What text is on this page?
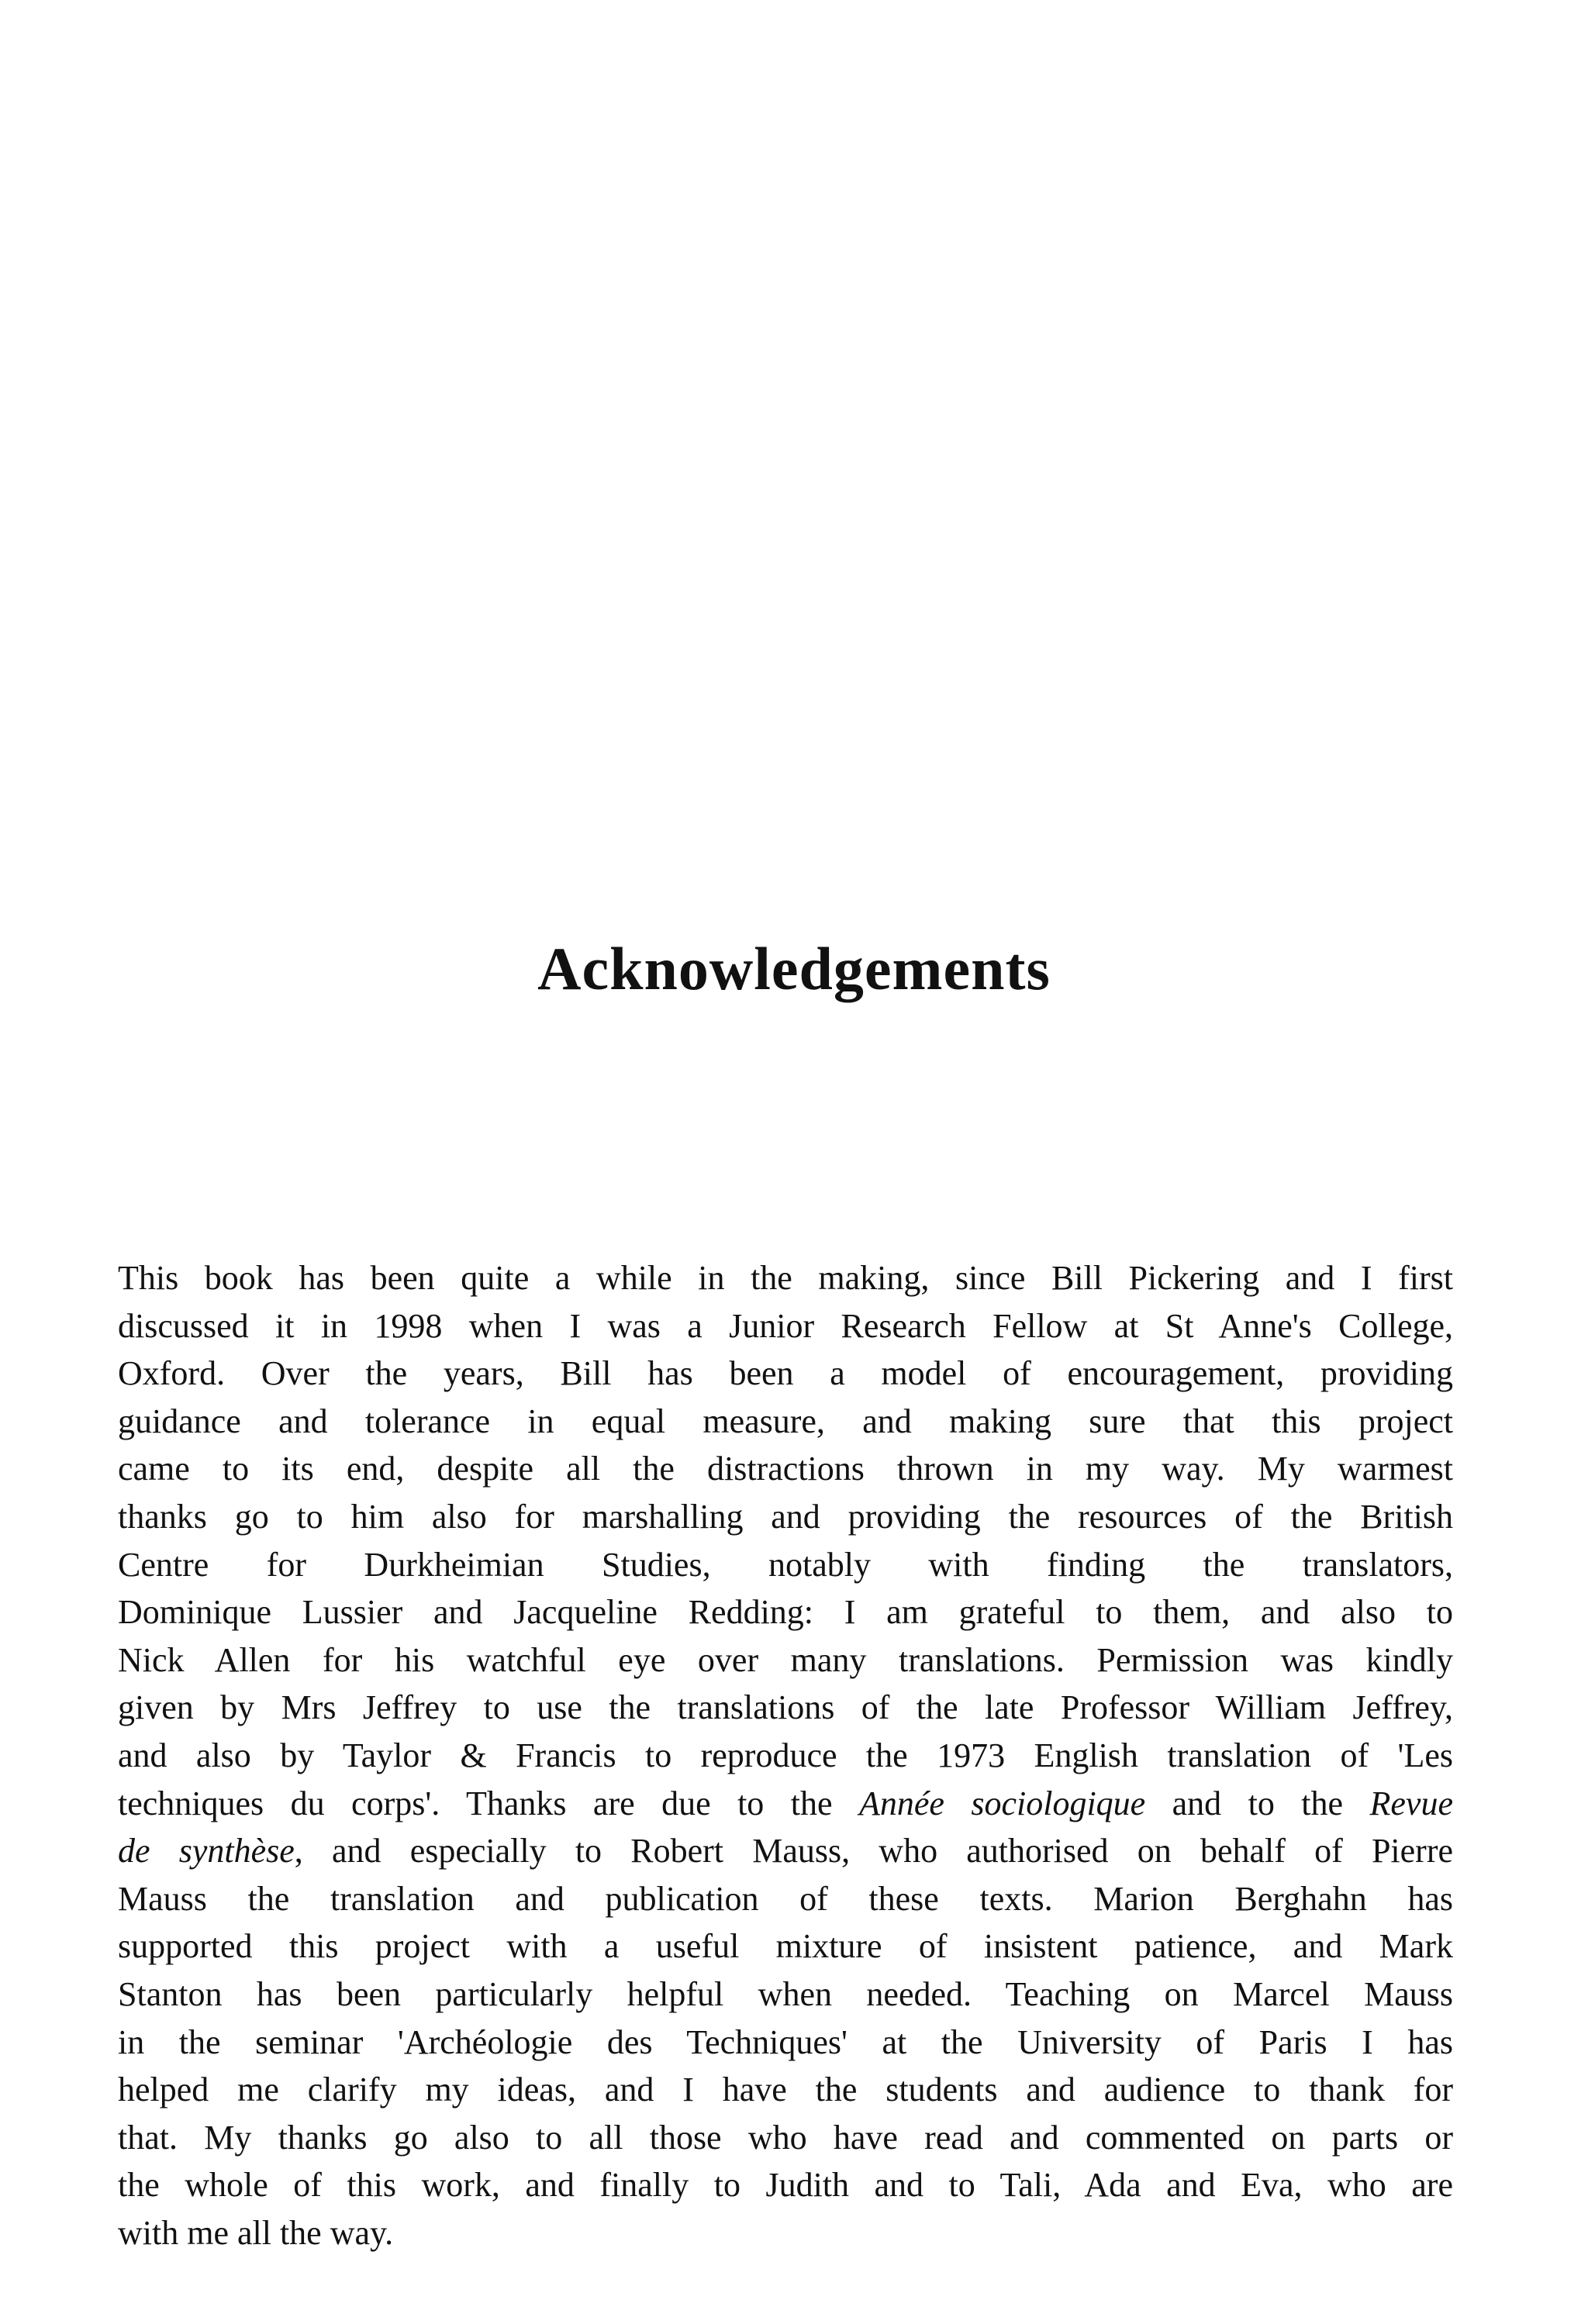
Acknowledgements

This book has been quite a while in the making, since Bill Pickering and I first
discussed it in 1998 when I was a Junior Research Fellow at St Anne's College,
Oxford. Over the years, Bill has been a model of encouragement, providing
guidance and tolerance in equal measure, and making sure that this project
came to its end, despite all the distractions thrown in my way. My warmest
thanks go to him also for marshalling and providing the resources of the British
Centre for Durkheimian Studies, notably with finding the translators,
Dominique Lussier and Jacqueline Redding: I am grateful to them, and also to
Nick Allen for his watchful eye over many translations. Permission was kindly
given by Mrs Jeffrey to use the translations of the late Professor William Jeffrey,
and also by Taylor & Francis to reproduce the 1973 English translation of 'Les
techniques du corps'. Thanks are due to the Année sociologique and to the Revue
de synthèse, and especially to Robert Mauss, who authorised on behalf of Pierre
Mauss the translation and publication of these texts. Marion Berghahn has
supported this project with a useful mixture of insistent patience, and Mark
Stanton has been particularly helpful when needed. Teaching on Marcel Mauss
in the seminar 'Archéologie des Techniques' at the University of Paris I has
helped me clarify my ideas, and I have the students and audience to thank for
that. My thanks go also to all those who have read and commented on parts or
the whole of this work, and finally to Judith and to Tali, Ada and Eva, who are
with me all the way.
